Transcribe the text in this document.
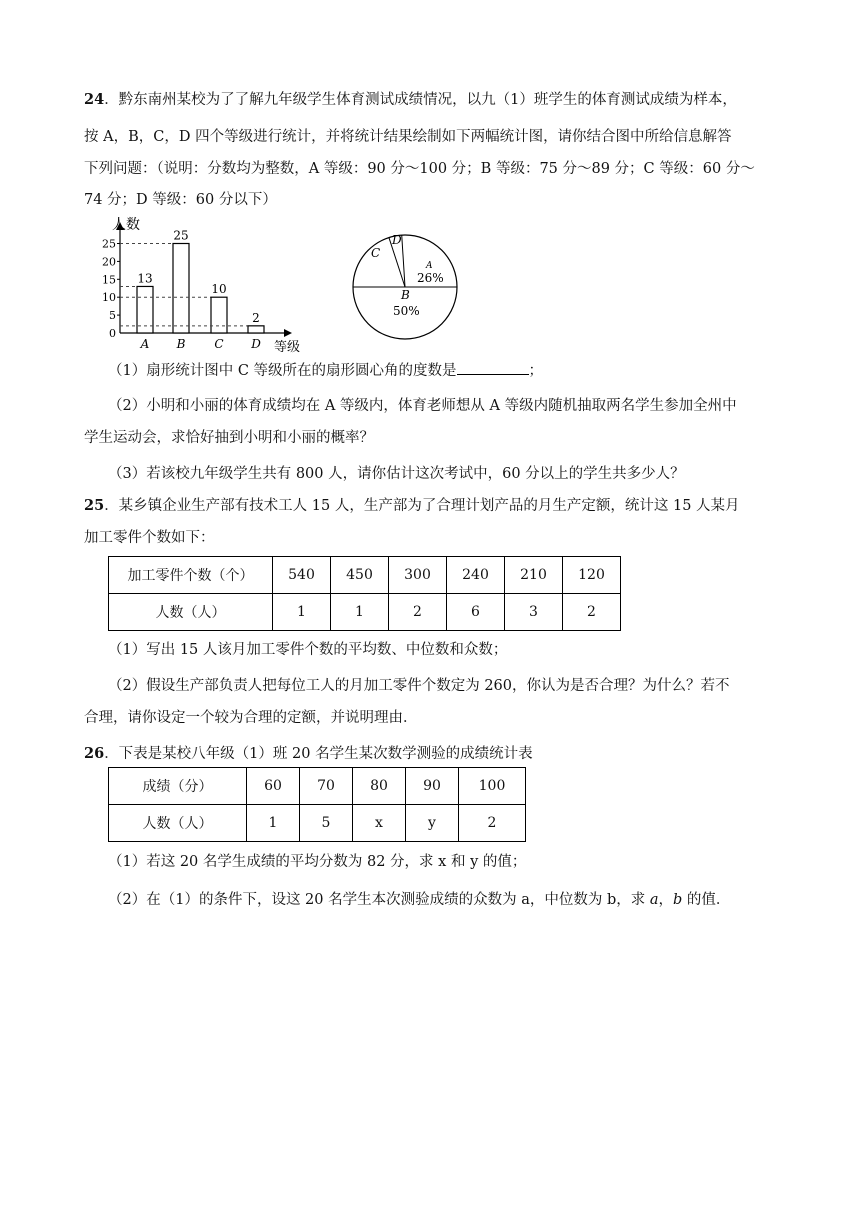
24．黔东南州某校为了了解九年级学生体育测试成绩情况，以九（1）班学生的体育测试成绩为样本，
按 A，B，C，D 四个等级进行统计，并将统计结果绘制如下两幅统计图，请你结合图中所给信息解答
下列问题：（说明：分数均为整数，A 等级：90 分～100 分；B 等级：75 分～89 分；C 等级：60 分～
74 分；D 等级：60 分以下）
人数
等级
0
5
10
15
20
25
13
A
25
B
10
C
2
D
A
26%
B
50%
C
D
（1）扇形统计图中 C 等级所在的扇形圆心角的度数是	；
（2）小明和小丽的体育成绩均在 A 等级内，体育老师想从 A 等级内随机抽取两名学生参加全州中
学生运动会，求恰好抽到小明和小丽的概率？
（3）若该校九年级学生共有 800 人，请你估计这次考试中，60 分以上的学生共多少人？
25．某乡镇企业生产部有技术工人 15 人，生产部为了合理计划产品的月生产定额，统计这 15 人某月
加工零件个数如下：
加工零件个数（个）	540	450	300	240	210	120
人数（人）	1	1	2	6	3	2
（1）写出 15 人该月加工零件个数的平均数、中位数和众数；
（2）假设生产部负责人把每位工人的月加工零件个数定为 260，你认为是否合理？为什么？若不
合理，请你设定一个较为合理的定额，并说明理由．
26．下表是某校八年级（1）班 20 名学生某次数学测验的成绩统计表
成绩（分）	60	70	80	90	100
人数（人）	1	5	x	y	2
（1）若这 20 名学生成绩的平均分数为 82 分，求 x 和 y 的值；
（2）在（1）的条件下，设这 20 名学生本次测验成绩的众数为 a，中位数为 b，求 a，b 的值．
